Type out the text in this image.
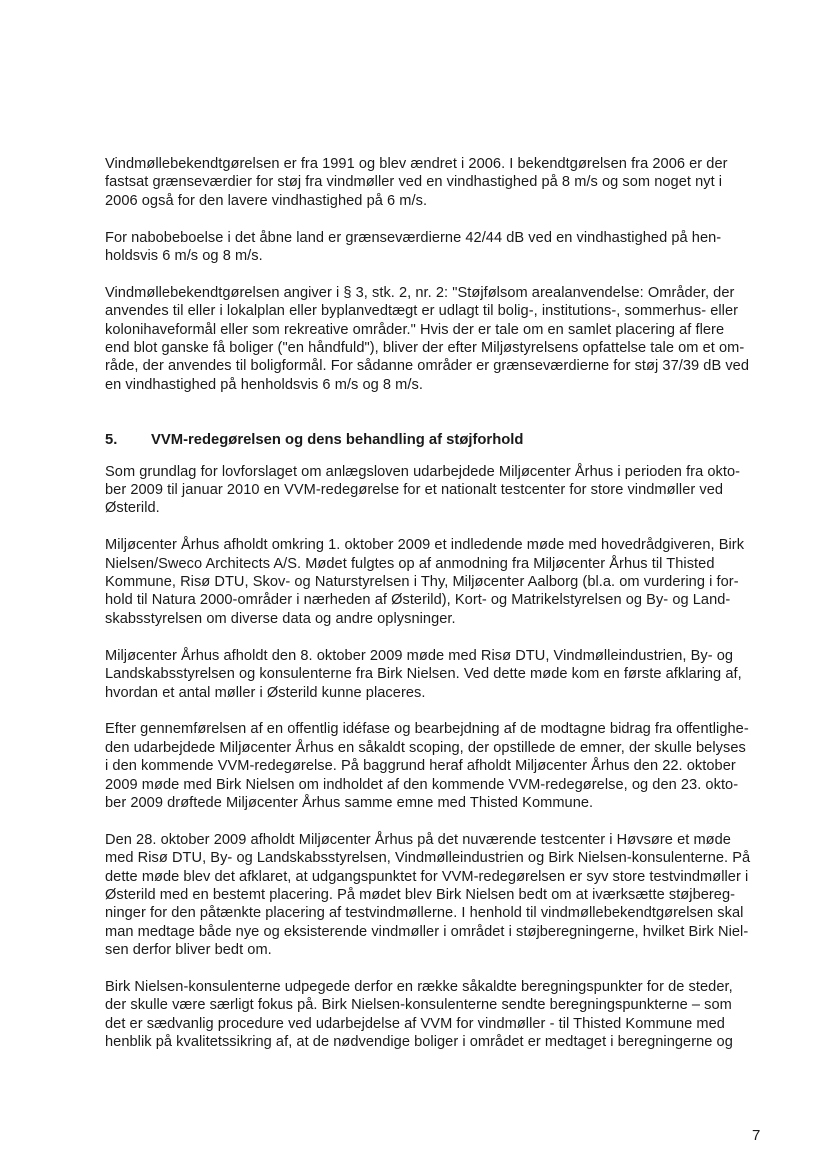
Vindmøllebekendtgørelsen er fra 1991 og blev ændret i 2006. I bekendtgørelsen fra 2006 er der
fastsat grænseværdier for støj fra vindmøller ved en vindhastighed på 8 m/s og som noget nyt i
2006 også for den lavere vindhastighed på 6 m/s.

For nabobeboelse i det åbne land er grænseværdierne 42/44 dB ved en vindhastighed på hen-
holdsvis 6 m/s og 8 m/s.

Vindmøllebekendtgørelsen angiver i § 3, stk. 2, nr. 2: "Støjfølsom arealanvendelse: Områder, der
anvendes til eller i lokalplan eller byplanvedtægt er udlagt til bolig-, institutions-, sommerhus- eller
kolonihaveformål eller som rekreative områder." Hvis der er tale om en samlet placering af flere
end blot ganske få boliger ("en håndfuld"), bliver der efter Miljøstyrelsens opfattelse tale om et om-
råde, der anvendes til boligformål. For sådanne områder er grænseværdierne for støj 37/39 dB ved
en vindhastighed på henholdsvis 6 m/s og 8 m/s.

5. VVM-redegørelsen og dens behandling af støjforhold

Som grundlag for lovforslaget om anlægsloven udarbejdede Miljøcenter Århus i perioden fra okto-
ber 2009 til januar 2010 en VVM-redegørelse for et nationalt testcenter for store vindmøller ved
Østerild.

Miljøcenter Århus afholdt omkring 1. oktober 2009 et indledende møde med hovedrådgiveren, Birk
Nielsen/Sweco Architects A/S. Mødet fulgtes op af anmodning fra Miljøcenter Århus til Thisted
Kommune, Risø DTU, Skov- og Naturstyrelsen i Thy, Miljøcenter Aalborg (bl.a. om vurdering i for-
hold til Natura 2000-områder i nærheden af Østerild), Kort- og Matrikelstyrelsen og By- og Land-
skabsstyrelsen om diverse data og andre oplysninger.

Miljøcenter Århus afholdt den 8. oktober 2009 møde med Risø DTU, Vindmølleindustrien, By- og
Landskabsstyrelsen og konsulenterne fra Birk Nielsen. Ved dette møde kom en første afklaring af,
hvordan et antal møller i Østerild kunne placeres.

Efter gennemførelsen af en offentlig idéfase og bearbejdning af de modtagne bidrag fra offentlighe-
den udarbejdede Miljøcenter Århus en såkaldt scoping, der opstillede de emner, der skulle belyses
i den kommende VVM-redegørelse. På baggrund heraf afholdt Miljøcenter Århus den 22. oktober
2009 møde med Birk Nielsen om indholdet af den kommende VVM-redegørelse, og den 23. okto-
ber 2009 drøftede Miljøcenter Århus samme emne med Thisted Kommune.

Den 28. oktober 2009 afholdt Miljøcenter Århus på det nuværende testcenter i Høvsøre et møde
med Risø DTU, By- og Landskabsstyrelsen, Vindmølleindustrien og Birk Nielsen-konsulenterne. På
dette møde blev det afklaret, at udgangspunktet for VVM-redegørelsen er syv store testvindmøller i
Østerild med en bestemt placering. På mødet blev Birk Nielsen bedt om at iværksætte støjbereg-
ninger for den påtænkte placering af testvindmøllerne. I henhold til vindmøllebekendtgørelsen skal
man medtage både nye og eksisterende vindmøller i området i støjberegningerne, hvilket Birk Niel-
sen derfor bliver bedt om.

Birk Nielsen-konsulenterne udpegede derfor en række såkaldte beregningspunkter for de steder,
der skulle være særligt fokus på. Birk Nielsen-konsulenterne sendte beregningspunkterne – som
det er sædvanlig procedure ved udarbejdelse af VVM for vindmøller - til Thisted Kommune med
henblik på kvalitetssikring af, at de nødvendige boliger i området er medtaget i beregningerne og

7
